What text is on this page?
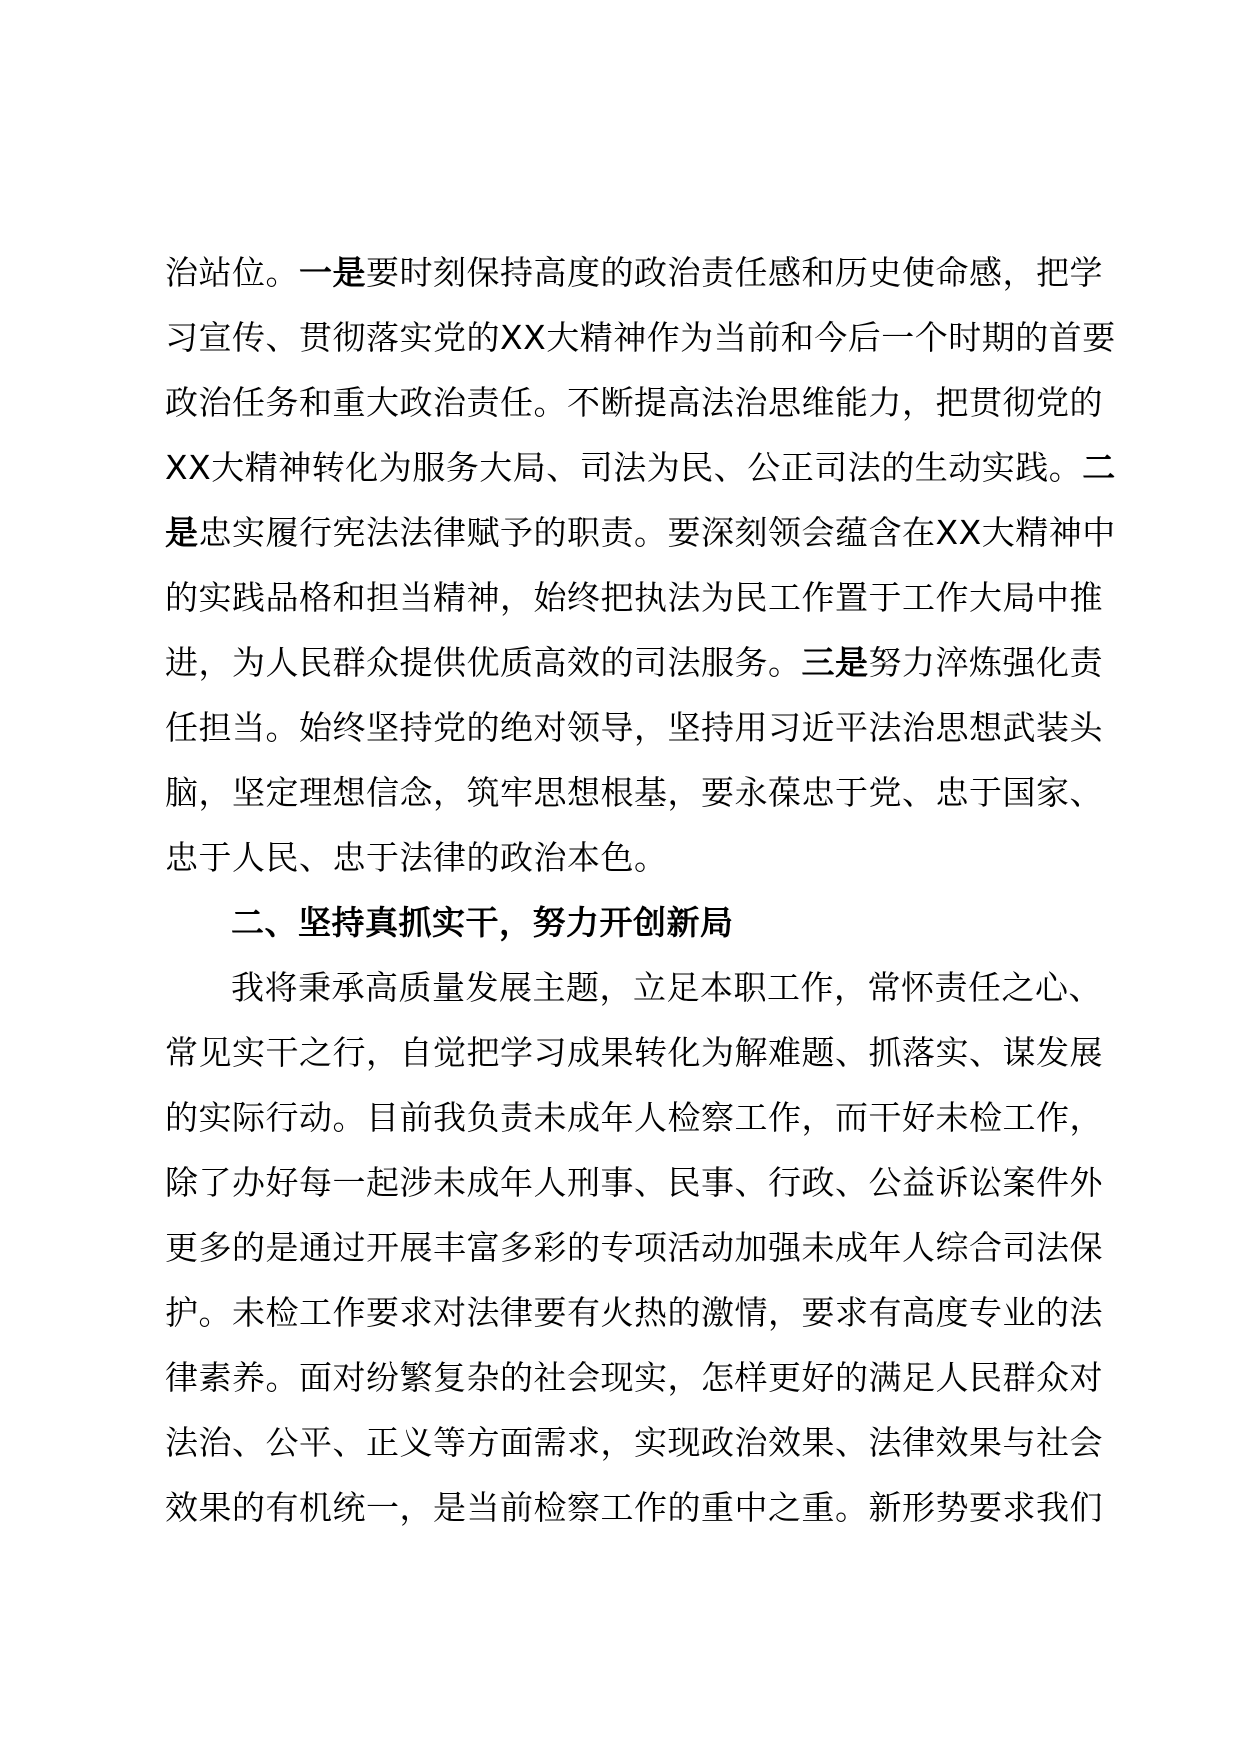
治站位。一是要时刻保持高度的政治责任感和历史使命感，把学
习宣传、贯彻落实党的XX大精神作为当前和今后一个时期的首要
政治任务和重大政治责任。不断提高法治思维能力，把贯彻党的
XX大精神转化为服务大局、司法为民、公正司法的生动实践。二
是忠实履行宪法法律赋予的职责。要深刻领会蕴含在XX大精神中
的实践品格和担当精神，始终把执法为民工作置于工作大局中推
进，为人民群众提供优质高效的司法服务。三是努力淬炼强化责
任担当。始终坚持党的绝对领导，坚持用习近平法治思想武装头
脑，坚定理想信念，筑牢思想根基，要永葆忠于党、忠于国家、
忠于人民、忠于法律的政治本色。
二、坚持真抓实干，努力开创新局
我将秉承高质量发展主题，立足本职工作，常怀责任之心、
常见实干之行，自觉把学习成果转化为解难题、抓落实、谋发展
的实际行动。目前我负责未成年人检察工作，而干好未检工作，
除了办好每一起涉未成年人刑事、民事、行政、公益诉讼案件外
更多的是通过开展丰富多彩的专项活动加强未成年人综合司法保
护。未检工作要求对法律要有火热的激情，要求有高度专业的法
律素养。面对纷繁复杂的社会现实，怎样更好的满足人民群众对
法治、公平、正义等方面需求，实现政治效果、法律效果与社会
效果的有机统一，是当前检察工作的重中之重。新形势要求我们
